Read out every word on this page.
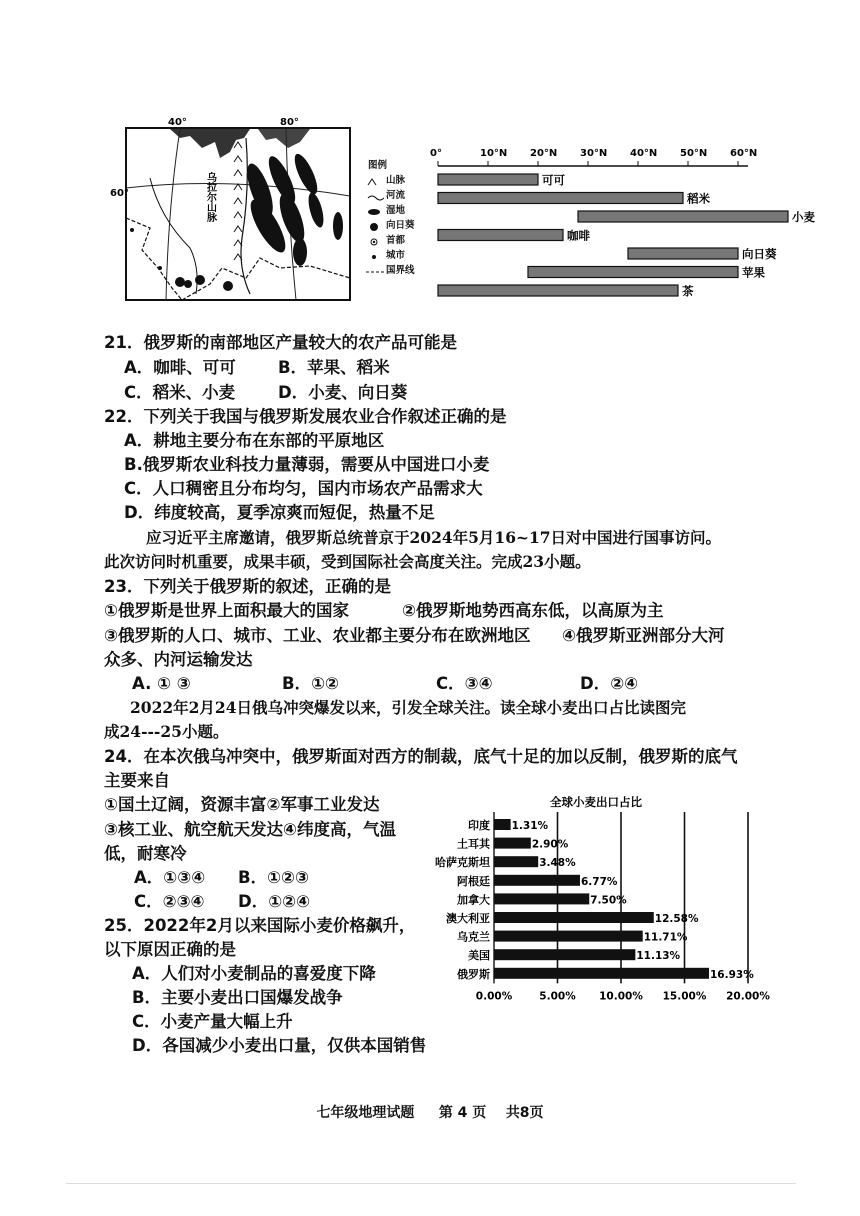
40°	80°
60°	乌拉尔山脉
图例
山脉
河流
湿地
向日葵
首都
城市
国界线
0°	10°N 20°N 30°N 40°N 50°N 60°N
可可
稻米
小麦
咖啡
向日葵
苹果
茶
21．俄罗斯的南部地区产量较大的农产品可能是
A．咖啡、可可	B．苹果、稻米
C．稻米、小麦	D．小麦、向日葵
22．下列关于我国与俄罗斯发展农业合作叙述正确的是
A．耕地主要分布在东部的平原地区
B.俄罗斯农业科技力量薄弱，需要从中国进口小麦
C．人口稠密且分布均匀，国内市场农产品需求大
D．纬度较高，夏季凉爽而短促，热量不足
应习近平主席邀请，俄罗斯总统普京于2024年5月16~17日对中国进行国事访问。
此次访问时机重要，成果丰硕，受到国际社会高度关注。完成23小题。
23．下列关于俄罗斯的叙述，正确的是
①俄罗斯是世界上面积最大的国家	②俄罗斯地势西高东低，以高原为主
③俄罗斯的人口、城市、工业、农业都主要分布在欧洲地区 ④俄罗斯亚洲部分大河
众多、内河运输发达
A. ① ③	B．①②	C．③④	D．②④
2022年2月24日俄乌冲突爆发以来，引发全球关注。读全球小麦出口占比读图完
成24---25小题。
24．在本次俄乌冲突中，俄罗斯面对西方的制裁，底气十足的加以反制，俄罗斯的底气
主要来自
①国土辽阔，资源丰富②军事工业发达
③核工业、航空航天发达④纬度高，气温
低，耐寒冷
A．①③④ B．①②③
C．②③④ D．①②④
25．2022年2月以来国际小麦价格飙升，
以下原因正确的是
A．人们对小麦制品的喜爱度下降
B．主要小麦出口国爆发战争
C．小麦产量大幅上升
D．各国减少小麦出口量，仅供本国销售
全球小麦出口占比
印度 1.31%
土耳其	2.90%
哈萨克斯坦	3.48%
阿根廷	6.77%
加拿大	7.50%
澳大利亚	12.58%
乌克兰	11.71%
美国	11.13%
俄罗斯	16.93%
0.00%	5.00% 10.00% 15.00% 20.00%
七年级地理试题 第 4 页 共8页
